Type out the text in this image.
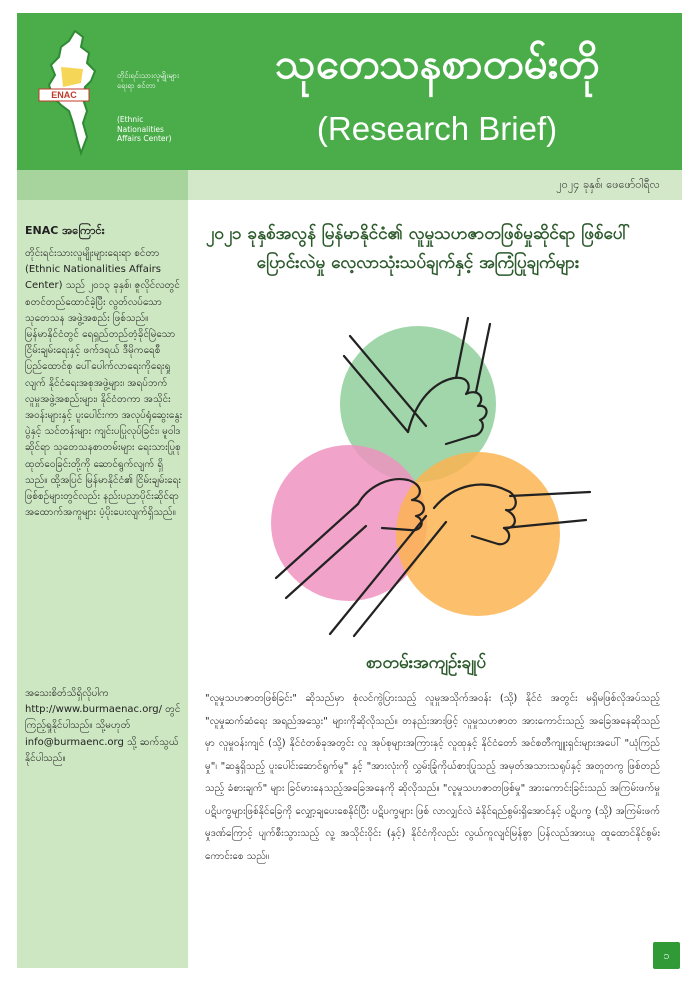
ENAC
တိုင်းရင်းသားလူမျိုးများရေးရာ စင်တာ
(Ethnic Nationalities Affairs Center)
သုတေသနစာတမ်းတို
(Research Brief)
၂၀၂၄ ခုနှစ်၊ ဖေဖော်ဝါရီလ
ENAC အကြောင်း
တိုင်းရင်းသားလူမျိုးများရေးရာ စင်တာ (Ethnic Nationalities Affairs Center) သည် ၂၀၁၃ ခုနှစ်၊ ဇူလိုင်လတွင် စတင်တည်ထောင်ခဲ့ပြီး လွတ်လပ်သော သုတေသန အဖွဲ့အစည်း ဖြစ်သည်။ မြန်မာနိုင်ငံတွင် ရေရှည်တည်တံ့ခိုင်မြဲသော ငြိမ်းချမ်းရေးနှင့် ဖက်ဒရယ် ဒီမိုကရေစီ ပြည်ထောင်စု ပေါ်ပေါက်လာရေးကိုရေးရှုလျက် နိုင်ငံရေးအစုအဖွဲ့များ၊ အရပ်ဘက် လူမှုအဖွဲ့အစည်းများ၊ နိုင်ငံတကာ အသိုင်းအဝန်းများနှင့် ပူးပေါင်းကာ အလုပ်ရုံဆွေးနွေးပွဲနှင့် သင်တန်းများ ကျင်းပပြုလုပ်ခြင်း၊ မူဝါဒဆိုင်ရာ သုတေသနစာတမ်းများ ရေးသားပြုစု ထုတ်ဝေခြင်းတို့ကို ဆောင်ရွက်လျက် ရှိသည်။ ထို့အပြင် မြန်မာနိုင်ငံ၏ ငြိမ်းချမ်းရေးဖြစ်စဉ်များတွင်လည်း နည်းပညာပိုင်းဆိုင်ရာ အထောက်အကူများ ပံ့ပိုးပေးလျက်ရှိသည်။
အသေးစိတ်သိရှိလိုပါက http://www.burmaenac.org/ တွင် ကြည့်ရှုနိုင်ပါသည်။ သို့မဟုတ် info@burmaenc.org သို့ ဆက်သွယ်နိုင်ပါသည်။
၁
၂၀၂၁ ခုနှစ်အလွန် မြန်မာနိုင်ငံ၏ လူမှုသဟဇာတဖြစ်မှုဆိုင်ရာ ဖြစ်ပေါ်ပြောင်းလဲမှု လေ့လာသုံးသပ်ချက်နှင့် အကြံပြုချက်များ
စာတမ်းအကျဉ်းချုပ်
"လူမှုသဟဇာတဖြစ်ခြင်း" ဆိုသည်မှာ စုံလင်ကွဲပြားသည့် လူမှုအသိုက်အဝန်း (သို့) နိုင်ငံ အတွင်း မရှိမဖြစ်လိုအပ်သည့် "လူမှုဆက်ဆံရေး အရည်အသွေး" များကိုဆိုလိုသည်။ တနည်းအားဖြင့် လူမှုသဟဇာတ အားကောင်းသည့် အခြေအနေဆိုသည်မှာ လူမှုဝန်းကျင် (သို့) နိုင်ငံတစ်ခုအတွင်း လူ အုပ်စုများအကြားနှင့် လူထုနှင့် နိုင်ငံတော် အင်စတီကျူးရှင်းများအပေါ် "ယုံကြည်မှု"၊ "ဆန္ဒရှိသည့် ပူးပေါင်းဆောင်ရွက်မှု" နှင့် "အားလုံးကို လွှမ်းခြုံကိုယ်စားပြုသည့် အမှတ်အသားသရုပ်နှင့် အတူတကွ ဖြစ်တည်သည့် ခံစားချက်" များ ခြင်မားနေသည့်အခြေအနေကို ဆိုလိုသည်။ "လူမှုသဟဇာတဖြစ်မှု" အားကောင်းခြင်းသည် အကြမ်းဖက်မှု ပဋိပက္ခများဖြစ်နိုင်ခြေကို လျှော့ချပေးစေနိုင်ပြီး ပဋိပက္ခများ ဖြစ် လာလျှင်လဲ ခံနိုင်ရည်စွမ်းရှိအောင်နှင့် ပဋိပက္ခ (သို့) အကြမ်းဖက်မှုဒဏ်ကြောင့် ပျက်စီးသွားသည့် လူ့ အသိုင်းဝိုင်း (နှင့်) နိုင်ငံကိုလည်း လွယ်ကူလျင်မြန်စွာ ပြန်လည်အားယူ ထူထောင်နိုင်စွမ်း ကောင်းစေ သည်။
